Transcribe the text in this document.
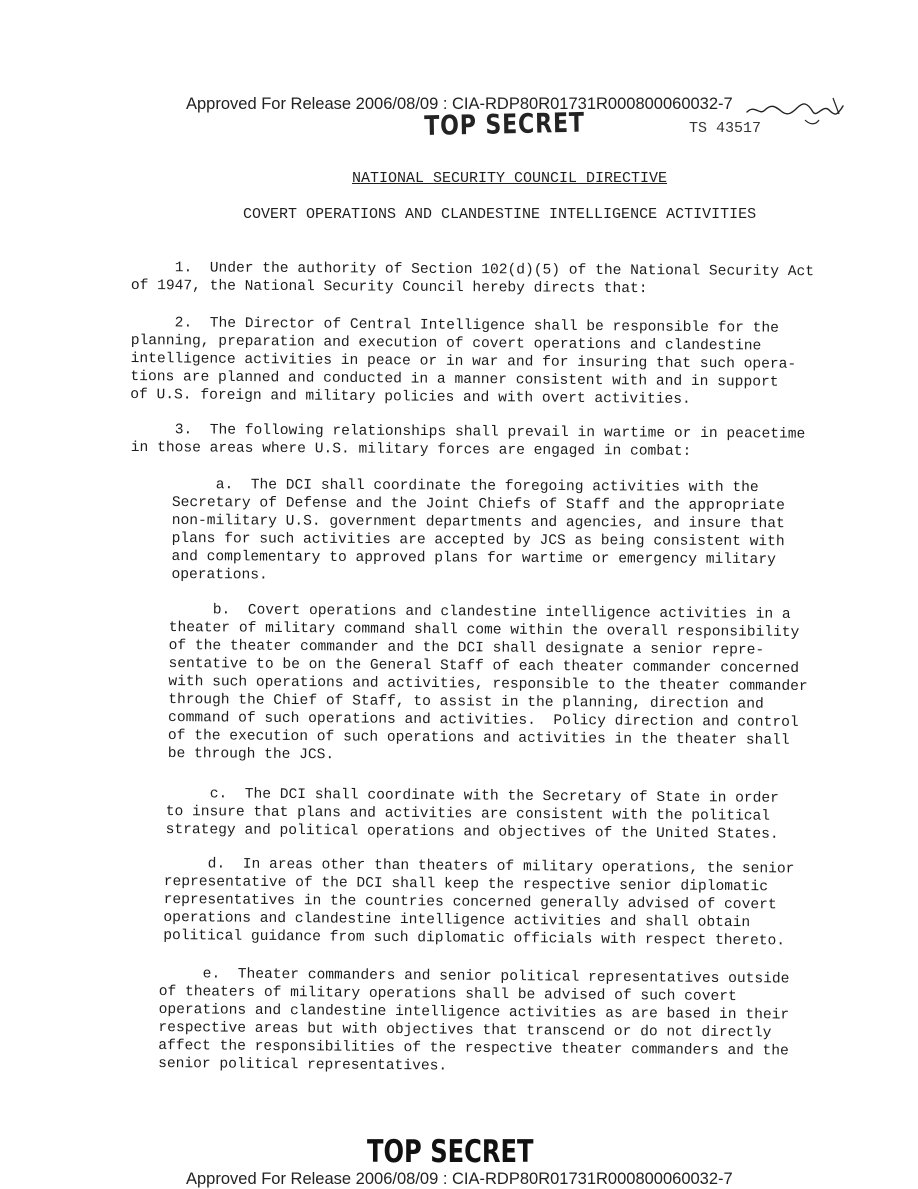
Approved For Release 2006/08/09 : CIA-RDP80R01731R000800060032-7
TOP SECRET	TS 43517
NATIONAL SECURITY COUNCIL DIRECTIVE
COVERT OPERATIONS AND CLANDESTINE INTELLIGENCE ACTIVITIES
1.  Under the authority of Section 102(d)(5) of the National Security Act
of 1947, the National Security Council hereby directs that:
2.  The Director of Central Intelligence shall be responsible for the
planning, preparation and execution of covert operations and clandestine
intelligence activities in peace or in war and for insuring that such opera-
tions are planned and conducted in a manner consistent with and in support
of U.S. foreign and military policies and with overt activities.
3.  The following relationships shall prevail in wartime or in peacetime
in those areas where U.S. military forces are engaged in combat:
a.  The DCI shall coordinate the foregoing activities with the
Secretary of Defense and the Joint Chiefs of Staff and the appropriate
non-military U.S. government departments and agencies, and insure that
plans for such activities are accepted by JCS as being consistent with
and complementary to approved plans for wartime or emergency military
operations.
b.  Covert operations and clandestine intelligence activities in a
theater of military command shall come within the overall responsibility
of the theater commander and the DCI shall designate a senior repre-
sentative to be on the General Staff of each theater commander concerned
with such operations and activities, responsible to the theater commander
through the Chief of Staff, to assist in the planning, direction and
command of such operations and activities.  Policy direction and control
of the execution of such operations and activities in the theater shall
be through the JCS.
c.  The DCI shall coordinate with the Secretary of State in order
to insure that plans and activities are consistent with the political
strategy and political operations and objectives of the United States.
d.  In areas other than theaters of military operations, the senior
representative of the DCI shall keep the respective senior diplomatic
representatives in the countries concerned generally advised of covert
operations and clandestine intelligence activities and shall obtain
political guidance from such diplomatic officials with respect thereto.
e.  Theater commanders and senior political representatives outside
of theaters of military operations shall be advised of such covert
operations and clandestine intelligence activities as are based in their
respective areas but with objectives that transcend or do not directly
affect the responsibilities of the respective theater commanders and the
senior political representatives.
TOP SECRET
Approved For Release 2006/08/09 : CIA-RDP80R01731R000800060032-7
